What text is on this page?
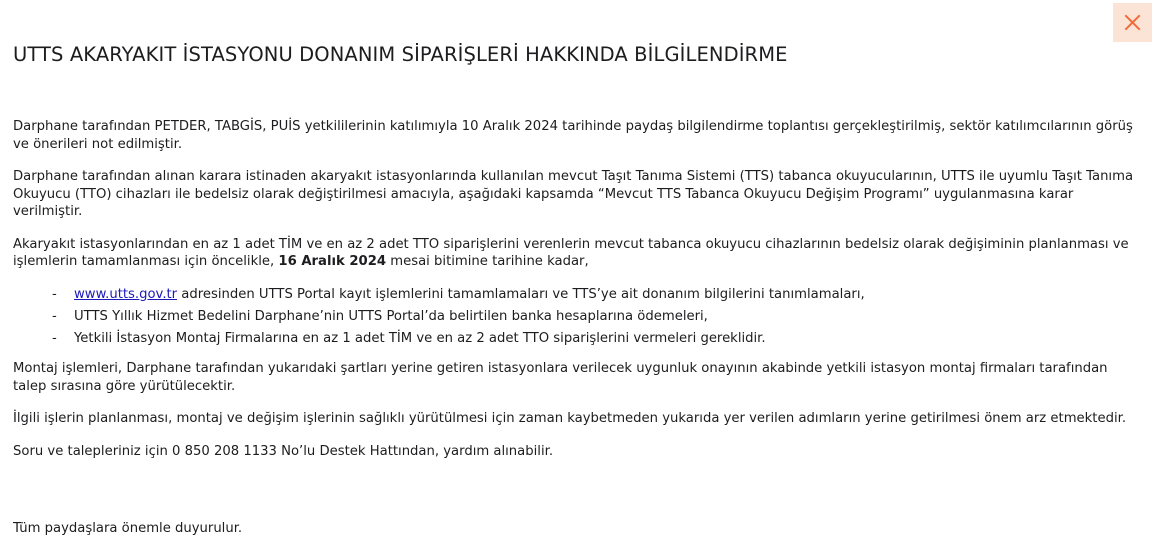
UTTS AKARYAKIT İSTASYONU DONANIM SİPARİŞLERİ HAKKINDA BİLGİLENDİRME

Darphane tarafından PETDER, TABGİS, PUİS yetkililerinin katılımıyla 10 Aralık 2024 tarihinde paydaş bilgilendirme toplantısı gerçekleştirilmiş, sektör katılımcılarının görüş ve önerileri not edilmiştir.

Darphane tarafından alınan karara istinaden akaryakıt istasyonlarında kullanılan mevcut Taşıt Tanıma Sistemi (TTS) tabanca okuyucularının, UTTS ile uyumlu Taşıt Tanıma Okuyucu (TTO) cihazları ile bedelsiz olarak değiştirilmesi amacıyla, aşağıdaki kapsamda “Mevcut TTS Tabanca Okuyucu Değişim Programı” uygulanmasına karar verilmiştir.

Akaryakıt istasyonlarından en az 1 adet TİM ve en az 2 adet TTO siparişlerini verenlerin mevcut tabanca okuyucu cihazlarının bedelsiz olarak değişiminin planlanması ve işlemlerin tamamlanması için öncelikle, 16 Aralık 2024 mesai bitimine tarihine kadar,

- www.utts.gov.tr adresinden UTTS Portal kayıt işlemlerini tamamlamaları ve TTS’ye ait donanım bilgilerini tanımlamaları,
- UTTS Yıllık Hizmet Bedelini Darphane’nin UTTS Portal’da belirtilen banka hesaplarına ödemeleri,
- Yetkili İstasyon Montaj Firmalarına en az 1 adet TİM ve en az 2 adet TTO siparişlerini vermeleri gereklidir.

Montaj işlemleri, Darphane tarafından yukarıdaki şartları yerine getiren istasyonlara verilecek uygunluk onayının akabinde yetkili istasyon montaj firmaları tarafından talep sırasına göre yürütülecektir.

İlgili işlerin planlanması, montaj ve değişim işlerinin sağlıklı yürütülmesi için zaman kaybetmeden yukarıda yer verilen adımların yerine getirilmesi önem arz etmektedir.

Soru ve talepleriniz için 0 850 208 1133 No’lu Destek Hattından, yardım alınabilir.

Tüm paydaşlara önemle duyurulur.
